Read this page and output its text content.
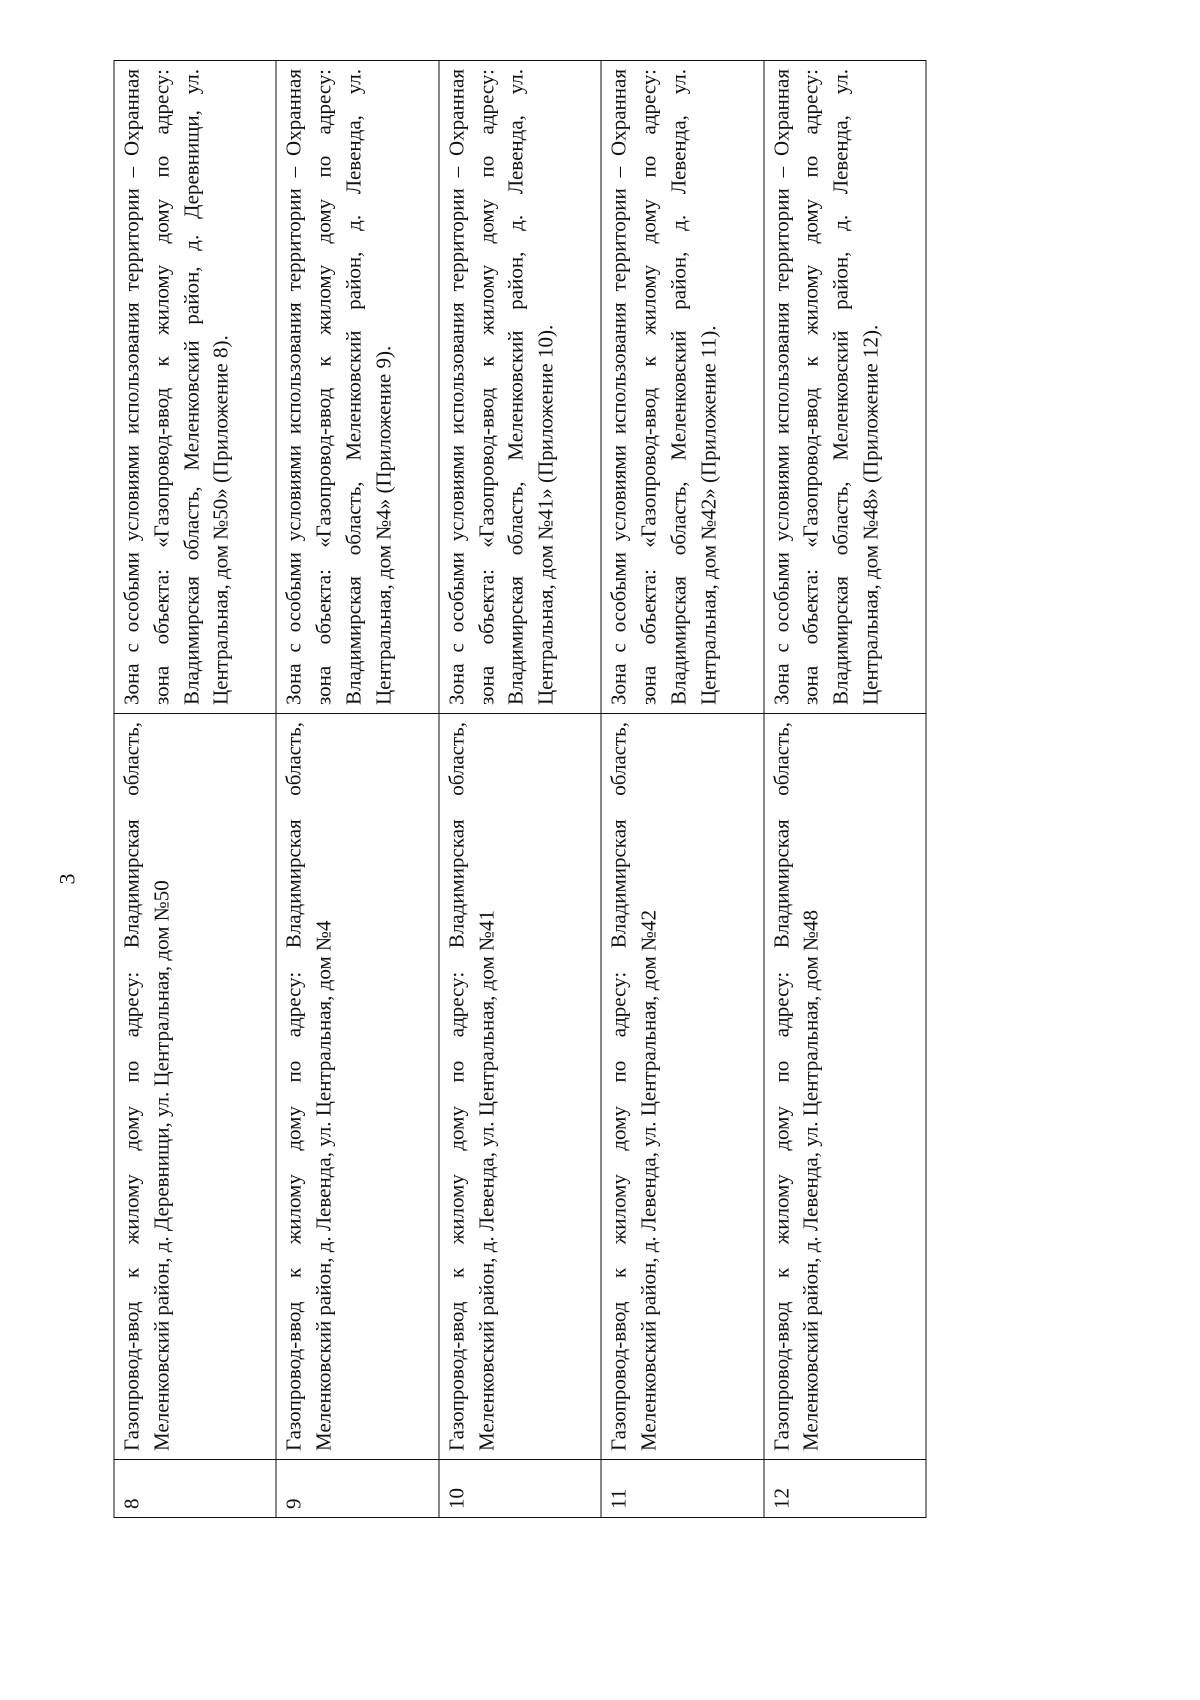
3
8	Газопровод-ввод к жилому дому по адресу: Владимирская область, Меленковский район, д. Деревнищи, ул. Центральная, дом №50	Зона с особыми условиями использования территории – Охранная зона объекта: «Газопровод-ввод к жилому дому по адресу: Владимирская область, Меленковский район, д. Деревнищи, ул. Центральная, дом №50» (Приложение 8).
9	Газопровод-ввод к жилому дому по адресу: Владимирская область, Меленковский район, д. Левенда, ул. Центральная, дом №4	Зона с особыми условиями использования территории – Охранная зона объекта: «Газопровод-ввод к жилому дому по адресу: Владимирская область, Меленковский район, д. Левенда, ул. Центральная, дом №4» (Приложение 9).
10	Газопровод-ввод к жилому дому по адресу: Владимирская область, Меленковский район, д. Левенда, ул. Центральная, дом №41	Зона с особыми условиями использования территории – Охранная зона объекта: «Газопровод-ввод к жилому дому по адресу: Владимирская область, Меленковский район, д. Левенда, ул. Центральная, дом №41» (Приложение 10).
11	Газопровод-ввод к жилому дому по адресу: Владимирская область, Меленковский район, д. Левенда, ул. Центральная, дом №42	Зона с особыми условиями использования территории – Охранная зона объекта: «Газопровод-ввод к жилому дому по адресу: Владимирская область, Меленковский район, д. Левенда, ул. Центральная, дом №42» (Приложение 11).
12	Газопровод-ввод к жилому дому по адресу: Владимирская область, Меленковский район, д. Левенда, ул. Центральная, дом №48	Зона с особыми условиями использования территории – Охранная зона объекта: «Газопровод-ввод к жилому дому по адресу: Владимирская область, Меленковский район, д. Левенда, ул. Центральная, дом №48» (Приложение 12).
